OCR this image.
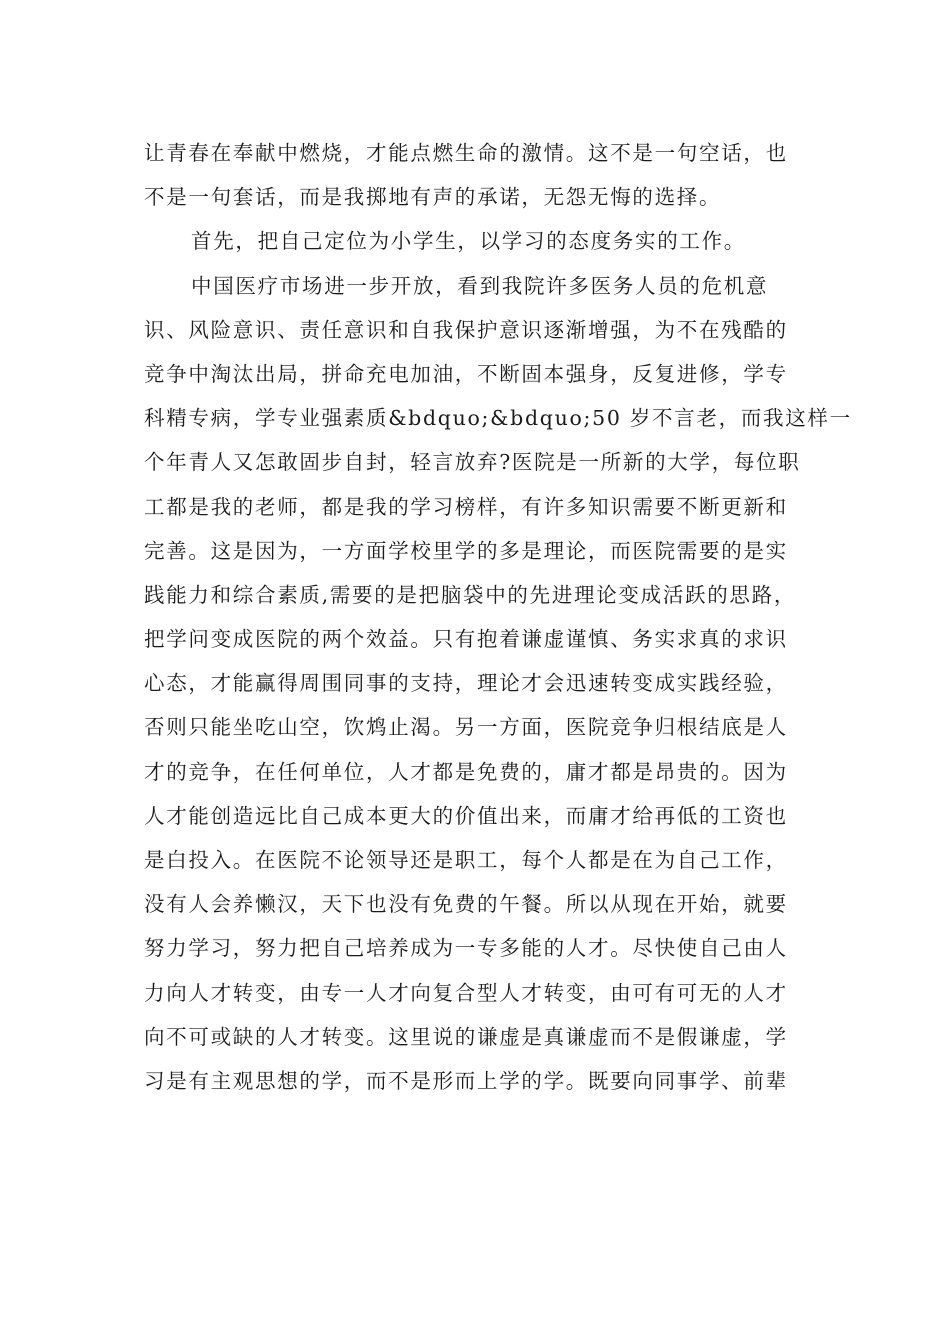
让青春在奉献中燃烧，才能点燃生命的激情。这不是一句空话，也
不是一句套话，而是我掷地有声的承诺，无怨无悔的选择。
首先，把自己定位为小学生，以学习的态度务实的工作。
中国医疗市场进一步开放，看到我院许多医务人员的危机意
识、风险意识、责任意识和自我保护意识逐渐增强，为不在残酷的
竞争中淘汰出局，拼命充电加油，不断固本强身，反复进修，学专
科精专病，学专业强素质&bdquo;&bdquo;50 岁不言老，而我这样一
个年青人又怎敢固步自封，轻言放弃?医院是一所新的大学，每位职
工都是我的老师，都是我的学习榜样，有许多知识需要不断更新和
完善。这是因为，一方面学校里学的多是理论，而医院需要的是实
践能力和综合素质,需要的是把脑袋中的先进理论变成活跃的思路，
把学问变成医院的两个效益。只有抱着谦虚谨慎、务实求真的求识
心态，才能赢得周围同事的支持，理论才会迅速转变成实践经验，
否则只能坐吃山空，饮鸩止渴。另一方面，医院竞争归根结底是人
才的竞争，在任何单位，人才都是免费的，庸才都是昂贵的。因为
人才能创造远比自己成本更大的价值出来，而庸才给再低的工资也
是白投入。在医院不论领导还是职工，每个人都是在为自己工作，
没有人会养懒汉，天下也没有免费的午餐。所以从现在开始，就要
努力学习，努力把自己培养成为一专多能的人才。尽快使自己由人
力向人才转变，由专一人才向复合型人才转变，由可有可无的人才
向不可或缺的人才转变。这里说的谦虚是真谦虚而不是假谦虚，学
习是有主观思想的学，而不是形而上学的学。既要向同事学、前辈
